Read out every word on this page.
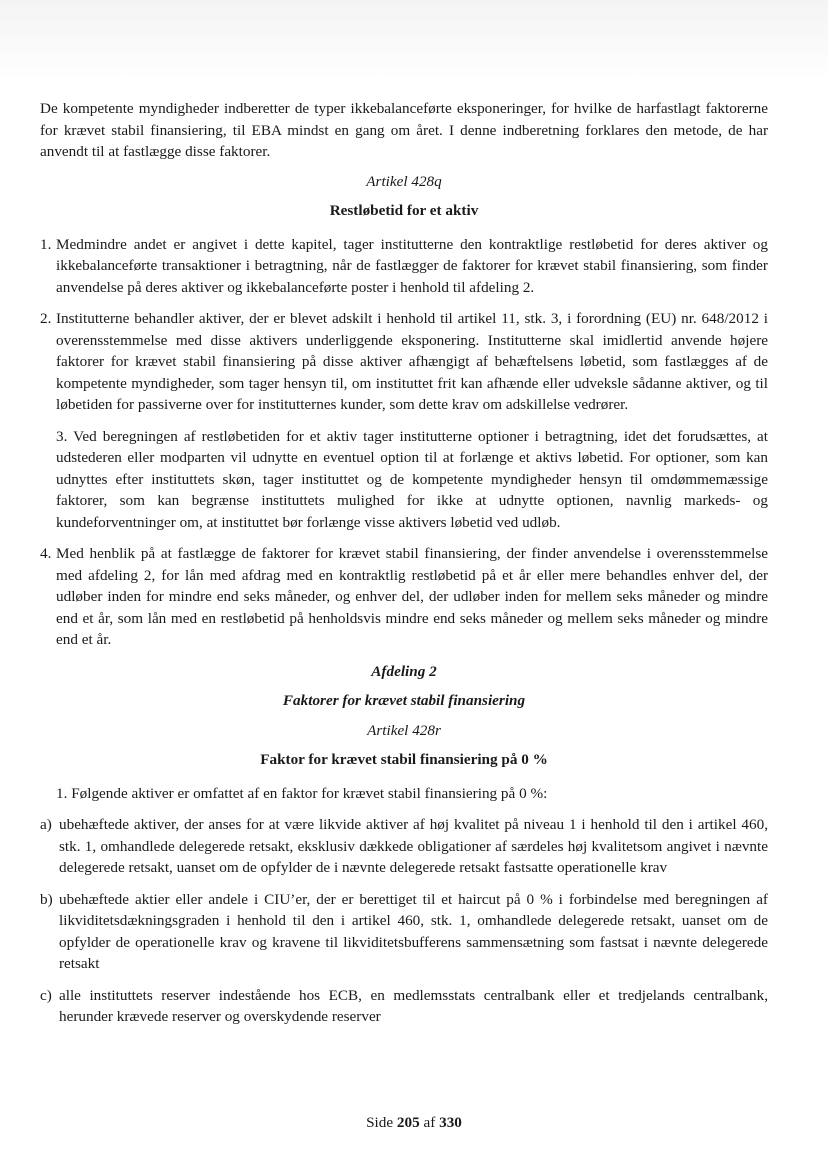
De kompetente myndigheder indberetter de typer ikkebalanceførte eksponeringer, for hvilke de harfastlagt faktorerne for krævet stabil finansiering, til EBA mindst en gang om året. I denne indberetning forklares den metode, de har anvendt til at fastlægge disse faktorer.

Artikel 428q

Restløbetid for et aktiv

1. Medmindre andet er angivet i dette kapitel, tager institutterne den kontraktlige restløbetid for deres aktiver og ikkebalanceførte transaktioner i betragtning, når de fastlægger de faktorer for krævet stabil finansiering, som finder anvendelse på deres aktiver og ikkebalanceførte poster i henhold til afdeling 2.
2. Institutterne behandler aktiver, der er blevet adskilt i henhold til artikel 11, stk. 3, i forordning (EU) nr. 648/2012 i overensstemmelse med disse aktivers underliggende eksponering. Institutterne skal imidlertid anvende højere faktorer for krævet stabil finansiering på disse aktiver afhængigt af behæftelsens løbetid, som fastlægges af de kompetente myndigheder, som tager hensyn til, om instituttet frit kan afhænde eller udveksle sådanne aktiver, og til løbetiden for passiverne over for institutternes kunder, som dette krav om adskillelse vedrører.

3. Ved beregningen af restløbetiden for et aktiv tager institutterne optioner i betragtning, idet det forudsættes, at udstederen eller modparten vil udnytte en eventuel option til at forlænge et aktivs løbetid. For optioner, som kan udnyttes efter instituttets skøn, tager instituttet og de kompetente myndigheder hensyn til omdømmemæssige faktorer, som kan begrænse instituttets mulighed for ikke at udnytte optionen, navnlig markeds- og kundeforventninger om, at instituttet bør forlænge visse aktivers løbetid ved udløb.

4. Med henblik på at fastlægge de faktorer for krævet stabil finansiering, der finder anvendelse i overensstemmelse med afdeling 2, for lån med afdrag med en kontraktlig restløbetid på et år eller mere behandles enhver del, der udløber inden for mindre end seks måneder, og enhver del, der udløber inden for mellem seks måneder og mindre end et år, som lån med en restløbetid på henholdsvis mindre end seks måneder og mellem seks måneder og mindre end et år.

Afdeling 2

Faktorer for krævet stabil finansiering

Artikel 428r

Faktor for krævet stabil finansiering på 0 %

1. Følgende aktiver er omfattet af en faktor for krævet stabil finansiering på 0 %:

a) ubehæftede aktiver, der anses for at være likvide aktiver af høj kvalitet på niveau 1 i henhold til den i artikel 460, stk. 1, omhandlede delegerede retsakt, eksklusiv dækkede obligationer af særdeles høj kvalitetsom angivet i nævnte delegerede retsakt, uanset om de opfylder de i nævnte delegerede retsakt fastsatte operationelle krav
b) ubehæftede aktier eller andele i CIU’er, der er berettiget til et haircut på 0 % i forbindelse med beregningen af likviditetsdækningsgraden i henhold til den i artikel 460, stk. 1, omhandlede delegerede retsakt, uanset om de opfylder de operationelle krav og kravene til likviditetsbufferens sammensætning som fastsat i nævnte delegerede retsakt
c) alle instituttets reserver indestående hos ECB, en medlemsstats centralbank eller et tredjelands centralbank, herunder krævede reserver og overskydende reserver
Side 205 af 330
